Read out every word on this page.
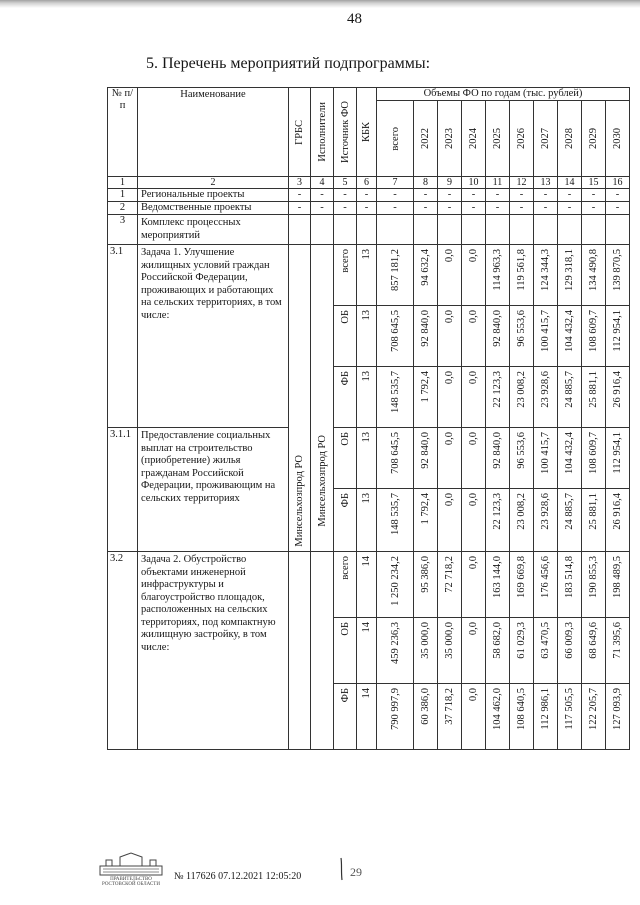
48
5. Перечень мероприятий подпрограммы:
№ п/п	Наименование	ГРБС	Исполнители	Источник ФО	КБК	Объемы ФО по годам (тыс. рублей)									

						всего	2022	2023	2024	2025	2026	2027	2028	2029	2030

1	2	3	4	5	6	7	8	9	10	11	12	13	14	15	16
1	Региональные проекты	-	-	-	-	-	-	-	-	-	-	-	-	-	-
2	Ведомственные проекты	-	-	-	-	-	-	-	-	-	-	-	-	-	-
3	Комплекс процессных мероприятий														
3.1	Задача 1. Улучшение жилищных условий граждан Российской Федерации, проживающих и работающих на сельских территориях, в том числе:	Минсельхозпрод РО	Минсельхозпрод РО	всего	13	857 181,2	94 632,4	0,0	0,0	114 963,3	119 561,8	124 344,3	129 318,1	134 490,8	139 870,5

				ОБ	13	708 645,5	92 840,0	0,0	0,0	92 840,0	96 553,6	100 415,7	104 432,4	108 609,7	112 954,1

				ФБ	13	148 535,7	1 792,4	0,0	0,0	22 123,3	23 008,2	23 928,6	24 885,7	25 881,1	26 916,4

3.1.1	Предоставление социальных выплат на строительство (приобретение) жилья гражданам Российской Федерации, проживающим на сельских территориях			ОБ	13	708 645,5	92 840,0	0,0	0,0	92 840,0	96 553,6	100 415,7	104 432,4	108 609,7	112 954,1

				ФБ	13	148 535,7	1 792,4	0,0	0,0	22 123,3	23 008,2	23 928,6	24 885,7	25 881,1	26 916,4

3.2	Задача 2. Обустройство объектами инженерной инфраструктуры и благоустройство площадок, расположенных на сельских территориях, под компактную жилищную застройку, в том числе:			всего	14	1 250 234,2	95 386,0	72 718,2	0,0	163 144,0	169 669,8	176 456,6	183 514,8	190 855,3	198 489,5

				ОБ	14	459 236,3	35 000,0	35 000,0	0,0	58 682,0	61 029,3	63 470,5	66 009,3	68 649,6	71 395,6

				ФБ	14	790 997,9	60 386,0	37 718,2	0,0	104 462,0	108 640,5	112 986,1	117 505,5	122 205,7	127 093,9
ПРАВИТЕЛЬСТВО РОСТОВСКОЙ ОБЛАСТИ
№ 117626 07.12.2021 12:05:20	29
